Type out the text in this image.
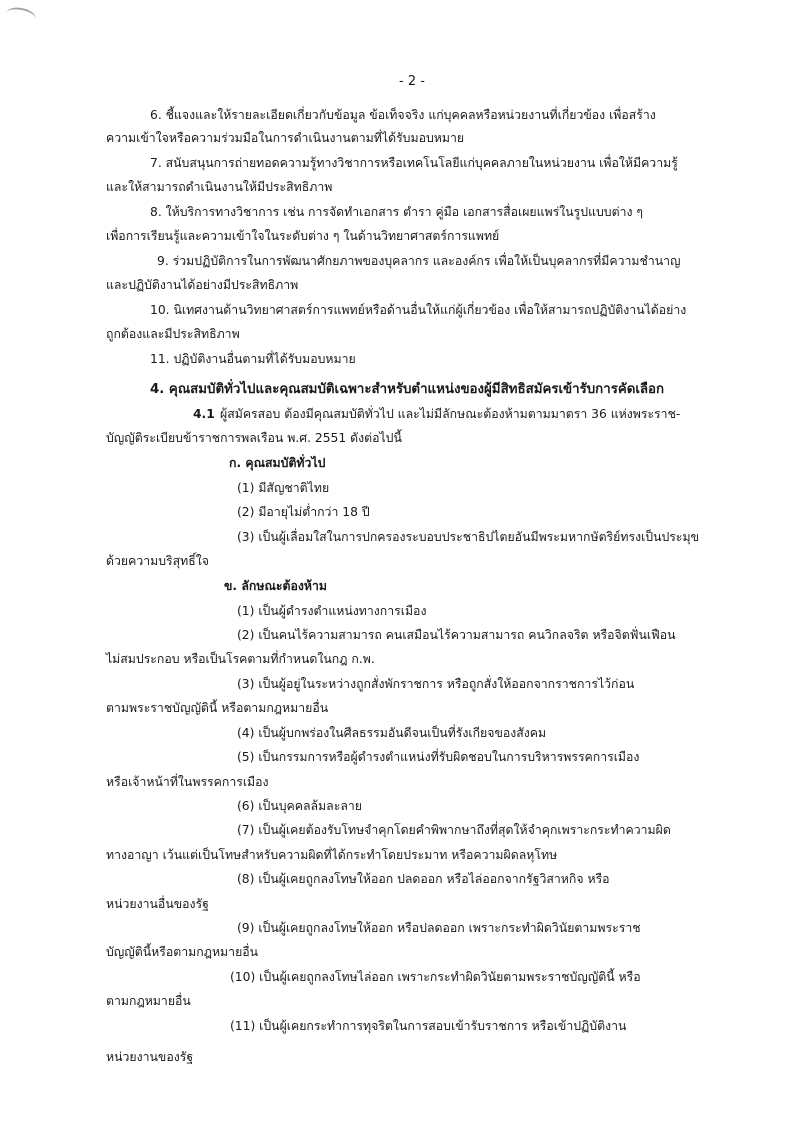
- 2 -
6. ชี้แจงและให้รายละเอียดเกี่ยวกับข้อมูล ข้อเท็จจริง แก่บุคคลหรือหน่วยงานที่เกี่ยวข้อง เพื่อสร้าง
ความเข้าใจหรือความร่วมมือในการดำเนินงานตามที่ได้รับมอบหมาย
7. สนับสนุนการถ่ายทอดความรู้ทางวิชาการหรือเทคโนโลยีแก่บุคคลภายในหน่วยงาน เพื่อให้มีความรู้
และให้สามารถดำเนินงานให้มีประสิทธิภาพ
8. ให้บริการทางวิชาการ เช่น การจัดทำเอกสาร ตำรา คู่มือ เอกสารสื่อเผยแพร่ในรูปแบบต่าง ๆ
เพื่อการเรียนรู้และความเข้าใจในระดับต่าง ๆ ในด้านวิทยาศาสตร์การแพทย์
9. ร่วมปฏิบัติการในการพัฒนาศักยภาพของบุคลากร และองค์กร เพื่อให้เป็นบุคลากรที่มีความชำนาญ
และปฏิบัติงานได้อย่างมีประสิทธิภาพ
10. นิเทศงานด้านวิทยาศาสตร์การแพทย์หรือด้านอื่นให้แก่ผู้เกี่ยวข้อง เพื่อให้สามารถปฏิบัติงานได้อย่าง
ถูกต้องและมีประสิทธิภาพ
11. ปฏิบัติงานอื่นตามที่ได้รับมอบหมาย
4. คุณสมบัติทั่วไปและคุณสมบัติเฉพาะสำหรับตำแหน่งของผู้มีสิทธิสมัครเข้ารับการคัดเลือก
4.1 ผู้สมัครสอบ ต้องมีคุณสมบัติทั่วไป และไม่มีลักษณะต้องห้ามตามมาตรา 36 แห่งพระราช-
บัญญัติระเบียบข้าราชการพลเรือน พ.ศ. 2551 ดังต่อไปนี้
ก. คุณสมบัติทั่วไป
(1) มีสัญชาติไทย
(2) มีอายุไม่ต่ำกว่า 18 ปี
(3) เป็นผู้เลื่อมใสในการปกครองระบอบประชาธิปไตยอันมีพระมหากษัตริย์ทรงเป็นประมุข
ด้วยความบริสุทธิ์ใจ
ข. ลักษณะต้องห้าม
(1) เป็นผู้ดำรงตำแหน่งทางการเมือง
(2) เป็นคนไร้ความสามารถ คนเสมือนไร้ความสามารถ คนวิกลจริต หรือจิตฟั่นเฟือน
ไม่สมประกอบ หรือเป็นโรคตามที่กำหนดในกฎ ก.พ.
(3) เป็นผู้อยู่ในระหว่างถูกสั่งพักราชการ หรือถูกสั่งให้ออกจากราชการไว้ก่อน
ตามพระราชบัญญัตินี้ หรือตามกฎหมายอื่น
(4) เป็นผู้บกพร่องในศีลธรรมอันดีจนเป็นที่รังเกียจของสังคม
(5) เป็นกรรมการหรือผู้ดำรงตำแหน่งที่รับผิดชอบในการบริหารพรรคการเมือง
หรือเจ้าหน้าที่ในพรรคการเมือง
(6) เป็นบุคคลล้มละลาย
(7) เป็นผู้เคยต้องรับโทษจำคุกโดยคำพิพากษาถึงที่สุดให้จำคุกเพราะกระทำความผิด
ทางอาญา เว้นแต่เป็นโทษสำหรับความผิดที่ได้กระทำโดยประมาท หรือความผิดลหุโทษ
(8) เป็นผู้เคยถูกลงโทษให้ออก ปลดออก หรือไล่ออกจากรัฐวิสาหกิจ หรือ
หน่วยงานอื่นของรัฐ
(9) เป็นผู้เคยถูกลงโทษให้ออก หรือปลดออก เพราะกระทำผิดวินัยตามพระราช
บัญญัตินี้หรือตามกฎหมายอื่น
(10) เป็นผู้เคยถูกลงโทษไล่ออก เพราะกระทำผิดวินัยตามพระราชบัญญัตินี้ หรือ
ตามกฎหมายอื่น
(11) เป็นผู้เคยกระทำการทุจริตในการสอบเข้ารับราชการ หรือเข้าปฏิบัติงาน
หน่วยงานของรัฐ
